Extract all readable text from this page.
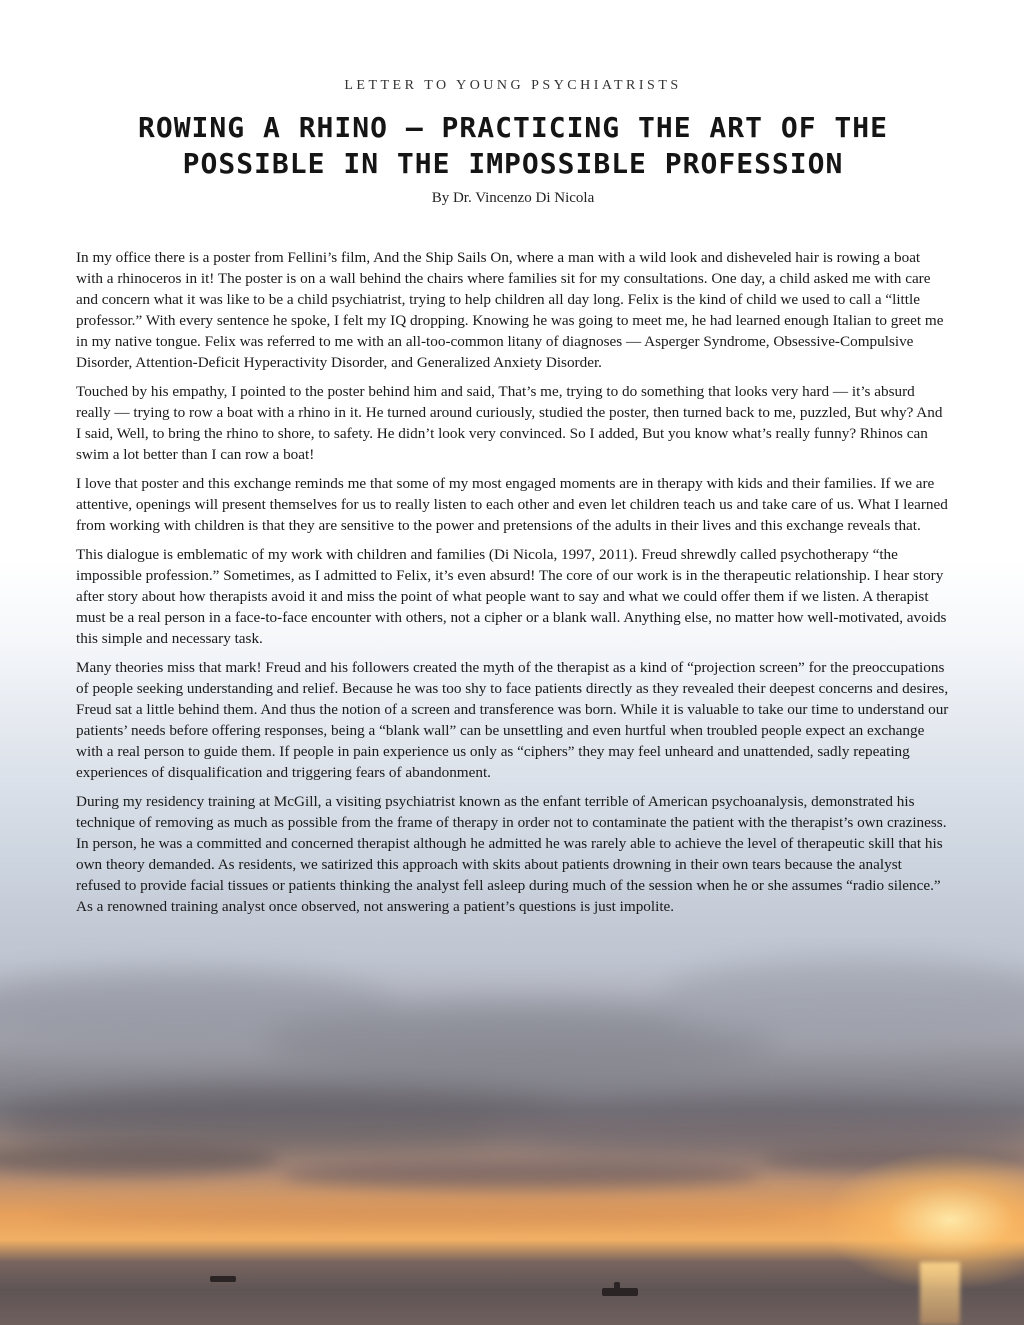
LETTER TO YOUNG PSYCHIATRISTS
ROWING A RHINO – PRACTICING THE ART OF THE POSSIBLE IN THE IMPOSSIBLE PROFESSION
By Dr. Vincenzo Di Nicola

In my office there is a poster from Fellini’s film, And the Ship Sails On, where a man with a wild look and disheveled hair is rowing a boat with a rhinoceros in it! The poster is on a wall behind the chairs where families sit for my consultations. One day, a child asked me with care and concern what it was like to be a child psychiatrist, trying to help children all day long. Felix is the kind of child we used to call a “little professor.” With every sentence he spoke, I felt my IQ dropping. Knowing he was going to meet me, he had learned enough Italian to greet me in my native tongue. Felix was referred to me with an all-too-common litany of diagnoses — Asperger Syndrome, Obsessive-Compulsive Disorder, Attention-Deficit Hyperactivity Disorder, and Generalized Anxiety Disorder.

Touched by his empathy, I pointed to the poster behind him and said, That’s me, trying to do something that looks very hard — it’s absurd really — trying to row a boat with a rhino in it. He turned around curiously, studied the poster, then turned back to me, puzzled, But why? And I said, Well, to bring the rhino to shore, to safety. He didn’t look very convinced. So I added, But you know what’s really funny? Rhinos can swim a lot better than I can row a boat!

I love that poster and this exchange reminds me that some of my most engaged moments are in therapy with kids and their families. If we are attentive, openings will present themselves for us to really listen to each other and even let children teach us and take care of us. What I learned from working with children is that they are sensitive to the power and pretensions of the adults in their lives and this exchange reveals that.

This dialogue is emblematic of my work with children and families (Di Nicola, 1997, 2011). Freud shrewdly called psychotherapy “the impossible profession.” Sometimes, as I admitted to Felix, it’s even absurd! The core of our work is in the therapeutic relationship. I hear story after story about how therapists avoid it and miss the point of what people want to say and what we could offer them if we listen. A therapist must be a real person in a face-to-face encounter with others, not a cipher or a blank wall. Anything else, no matter how well-motivated, avoids this simple and necessary task.

Many theories miss that mark! Freud and his followers created the myth of the therapist as a kind of “projection screen” for the preoccupations of people seeking understanding and relief. Because he was too shy to face patients directly as they revealed their deepest concerns and desires, Freud sat a little behind them. And thus the notion of a screen and transference was born. While it is valuable to take our time to understand our patients’ needs before offering responses, being a “blank wall” can be unsettling and even hurtful when troubled people expect an exchange with a real person to guide them. If people in pain experience us only as “ciphers” they may feel unheard and unattended, sadly repeating experiences of disqualification and triggering fears of abandonment.

During my residency training at McGill, a visiting psychiatrist known as the enfant terrible of American psychoanalysis, demonstrated his technique of removing as much as possible from the frame of therapy in order not to contaminate the patient with the therapist’s own craziness. In person, he was a committed and concerned therapist although he admitted he was rarely able to achieve the level of therapeutic skill that his own theory demanded. As residents, we satirized this approach with skits about patients drowning in their own tears because the analyst refused to provide facial tissues or patients thinking the analyst fell asleep during much of the session when he or she assumes “radio silence.” As a renowned training analyst once observed, not answering a patient’s questions is just impolite.
